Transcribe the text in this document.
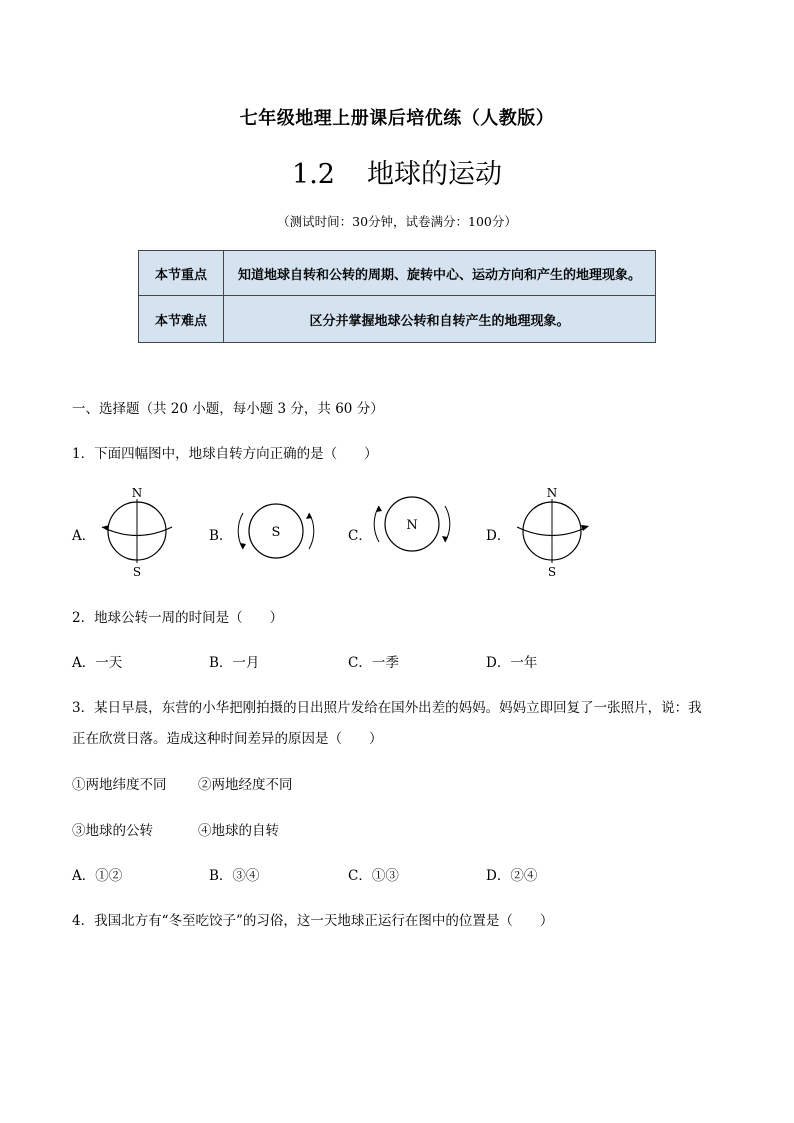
七年级地理上册课后培优练（人教版）
1.2 地球的运动
（测试时间：30分钟，试卷满分：100分）
本节重点	知道地球自转和公转的周期、旋转中心、运动方向和产生的地理现象。
本节难点	区分并掌握地球公转和自转产生的地理现象。
一、选择题（共 20 小题，每小题 3 分，共 60 分）
1．下面四幅图中，地球自转方向正确的是（　　）
A．
N
S
B．	S	C．
N
D．
N
S
2．地球公转一周的时间是（　　）
A．一天	B．一月	C．一季	D．一年
3．某日早晨，东营的小华把刚拍摄的日出照片发给在国外出差的妈妈。妈妈立即回复了一张照片，说：我
正在欣赏日落。造成这种时间差异的原因是（　　）
①两地纬度不同 ②两地经度不同
③地球的公转	④地球的自转
A．①②	B．③④	C．①③	D．②④
4．我国北方有“冬至吃饺子”的习俗，这一天地球正运行在图中的位置是（　　）
